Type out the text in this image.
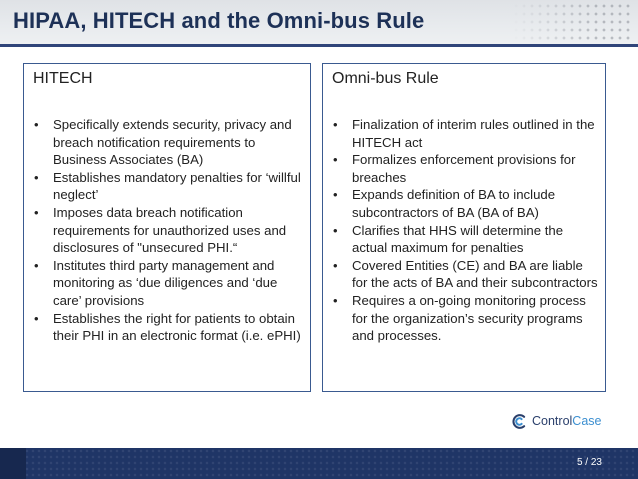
HIPAA, HITECH and the Omni-bus Rule
HITECH
• Specifically extends security, privacy and breach notification requirements to Business Associates (BA)
• Establishes mandatory penalties for ‘willful neglect’
• Imposes data breach notification requirements for unauthorized uses and disclosures of "unsecured PHI.“
• Institutes third party management and monitoring as ‘due diligences and ‘due care’ provisions
• Establishes the right for patients to obtain their PHI in an electronic format (i.e. ePHI)
Omni-bus Rule
• Finalization of interim rules outlined in the HITECH act
• Formalizes enforcement provisions for breaches
• Expands definition of BA to include subcontractors of BA (BA of BA)
• Clarifies that HHS will determine the actual maximum for penalties
• Covered Entities (CE) and BA are liable for the acts of BA and their subcontractors
• Requires a on-going monitoring process for the organization’s security programs and processes.
ControlCase
5 / 23
